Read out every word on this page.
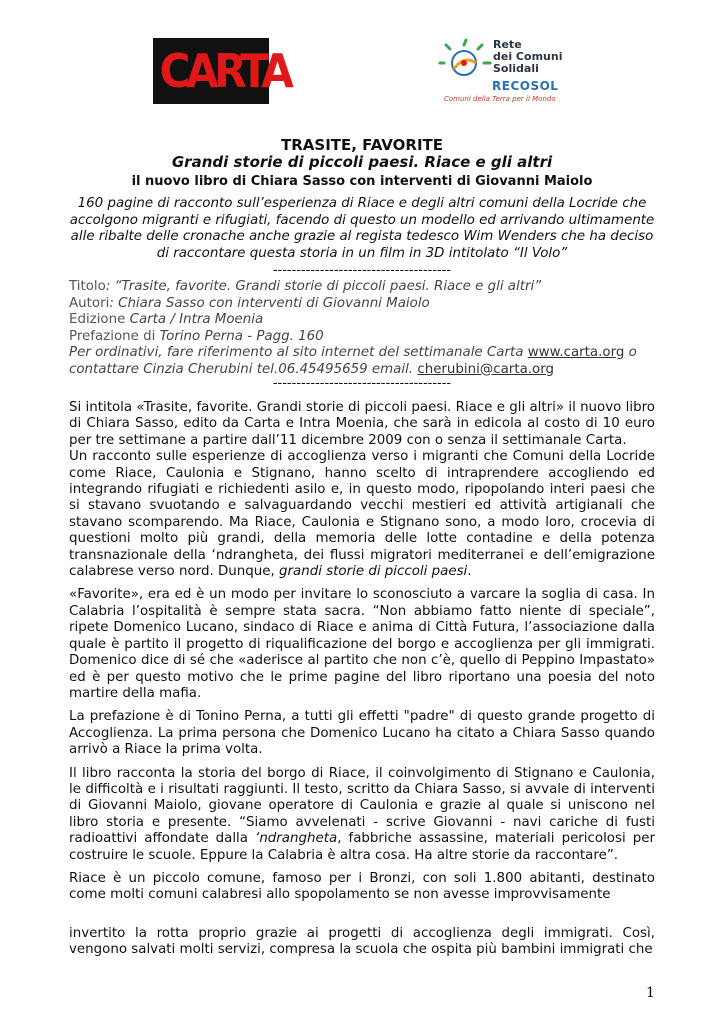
CARTA	Rete
dei Comuni
Solidali
RECOSOL
Comuni della Terra per il Mondo
TRASITE, FAVORITE
Grandi storie di piccoli paesi. Riace e gli altri
il nuovo libro di Chiara Sasso con interventi di Giovanni Maiolo
160 pagine di racconto sull’esperienza di Riace e degli altri comuni della Locride che accolgono migranti e rifugiati, facendo di questo un modello ed arrivando ultimamente alle ribalte delle cronache anche grazie al regista tedesco Wim Wenders che ha deciso di raccontare questa storia in un film in 3D intitolato “Il Volo”
--------------------------------------
Titolo: “Trasite, favorite. Grandi storie di piccoli paesi. Riace e gli altri”
Autori: Chiara Sasso con interventi di Giovanni Maiolo
Edizione Carta / Intra Moenia
Prefazione di Torino Perna - Pagg. 160
Per ordinativi, fare riferimento al sito internet del settimanale Carta www.carta.org o
contattare Cinzia Cherubini tel.06.45495659 email. cherubini@carta.org
--------------------------------------

Si intitola «Trasite, favorite. Grandi storie di piccoli paesi. Riace e gli altri» il nuovo libro di Chiara Sasso, edito da Carta e Intra Moenia, che sarà in edicola al costo di 10 euro per tre settimane a partire dall’11 dicembre 2009 con o senza il settimanale Carta.

Un racconto sulle esperienze di accoglienza verso i migranti che Comuni della Locride come Riace, Caulonia e Stignano, hanno scelto di intraprendere accogliendo ed integrando rifugiati e richiedenti asilo e, in questo modo, ripopolando interi paesi che si stavano svuotando e salvaguardando vecchi mestieri ed attività artigianali che stavano scomparendo. Ma Riace, Caulonia e Stignano sono, a modo loro, crocevia di questioni molto più grandi, della memoria delle lotte contadine e della potenza transnazionale della ‘ndrangheta, dei flussi migratori mediterranei e dell’emigrazione calabrese verso nord. Dunque, grandi storie di piccoli paesi.

«Favorite», era ed è un modo per invitare lo sconosciuto a varcare la soglia di casa. In Calabria l’ospitalità è sempre stata sacra. “Non abbiamo fatto niente di speciale”, ripete Domenico Lucano, sindaco di Riace e anima di Città Futura, l’associazione dalla quale è partito il progetto di riqualificazione del borgo e accoglienza per gli immigrati. Domenico dice di sé che «aderisce al partito che non c’è, quello di Peppino Impastato» ed è per questo motivo che le prime pagine del libro riportano una poesia del noto martire della mafia.

La prefazione è di Tonino Perna, a tutti gli effetti "padre" di questo grande progetto di Accoglienza. La prima persona che Domenico Lucano ha citato a Chiara Sasso quando arrivò a Riace la prima volta.

Il libro racconta la storia del borgo di Riace, il coinvolgimento di Stignano e Caulonia, le difficoltà e i risultati raggiunti. Il testo, scritto da Chiara Sasso, si avvale di interventi di Giovanni Maiolo, giovane operatore di Caulonia e grazie al quale si uniscono nel libro storia e presente. “Siamo avvelenati - scrive Giovanni - navi cariche di fusti radioattivi affondate dalla ‘ndrangheta, fabbriche assassine, materiali pericolosi per costruire le scuole. Eppure la Calabria è altra cosa. Ha altre storie da raccontare”.

Riace è un piccolo comune, famoso per i Bronzi, con soli 1.800 abitanti, destinato come molti comuni calabresi allo spopolamento se non avesse improvvisamente

invertito la rotta proprio grazie ai progetti di accoglienza degli immigrati. Così, vengono salvati molti servizi, compresa la scuola che ospita più bambini immigrati che

1
